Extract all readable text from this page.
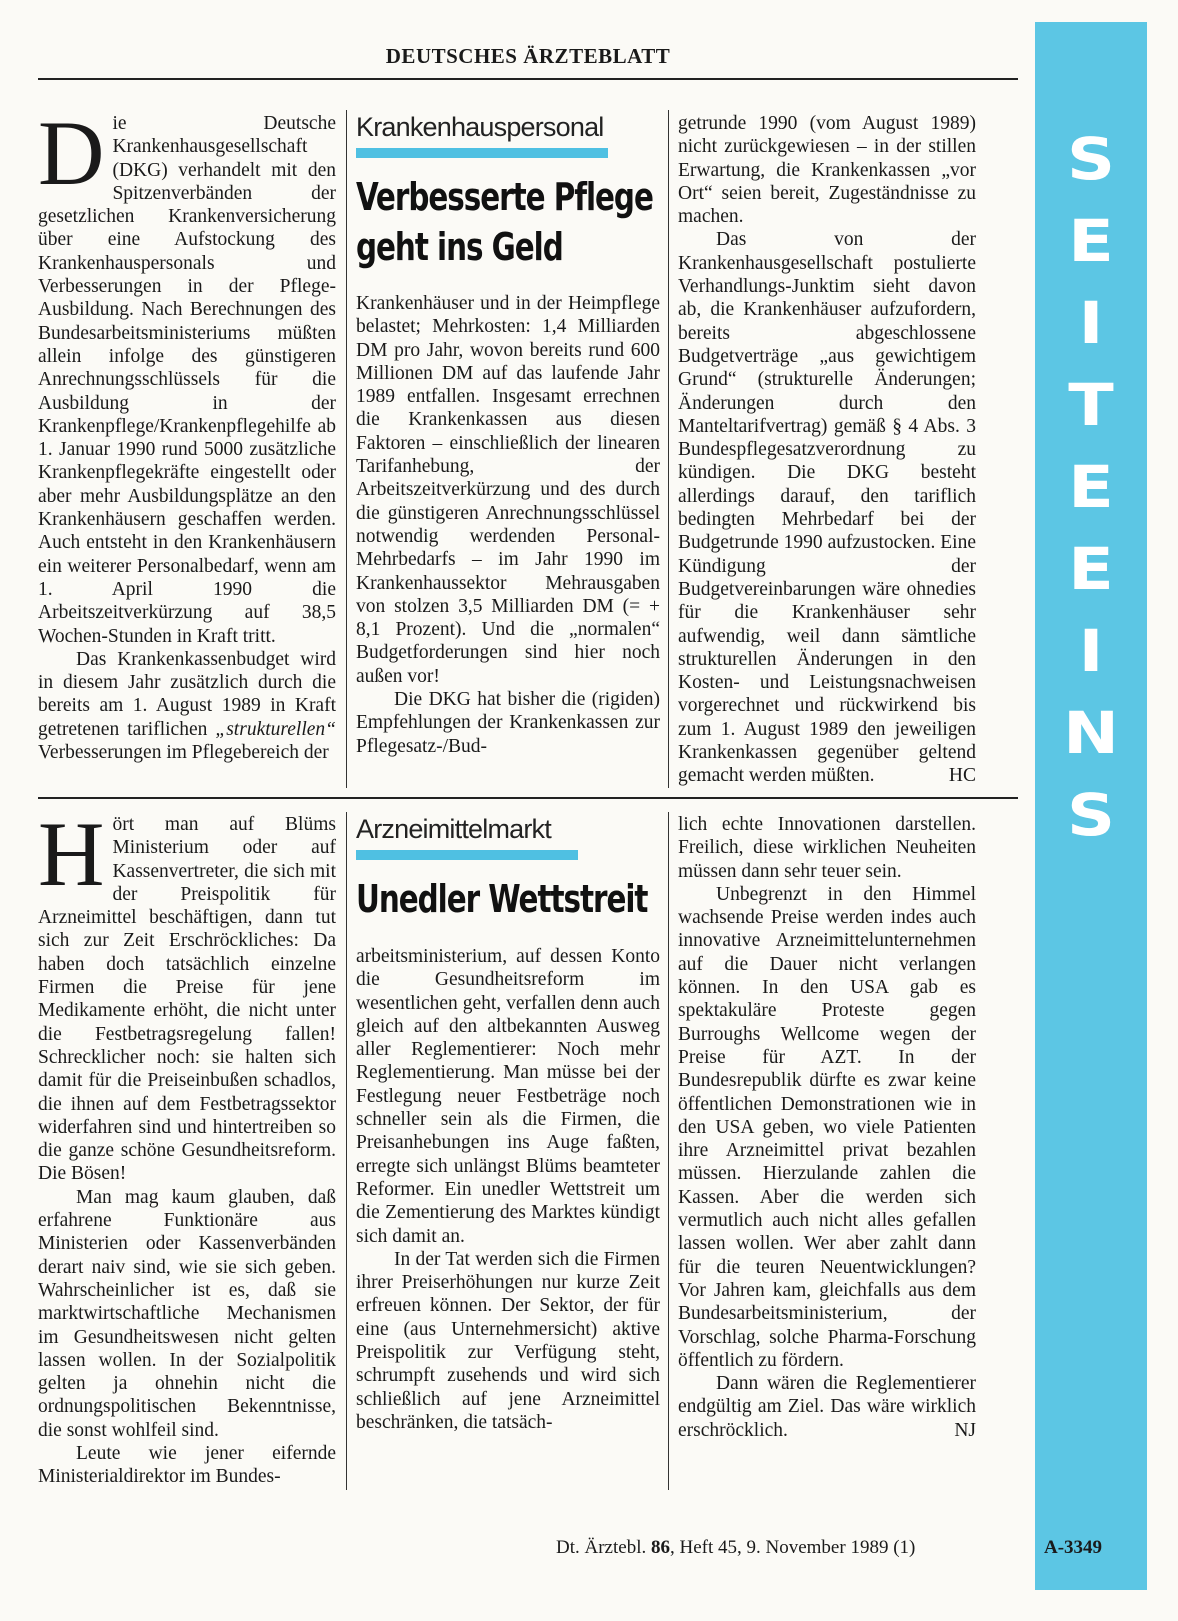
DEUTSCHES ÄRZTEBLATT
S
E
I
T
E
E
I
N
S

Die Deutsche Krankenhausgesellschaft (DKG) verhandelt mit den Spitzenverbänden der gesetzlichen Krankenversicherung über eine Aufstockung des Krankenhauspersonals und Verbesserungen in der Pflege-Ausbildung. Nach Berechnungen des Bundesarbeitsministeriums müßten allein infolge des günstigeren Anrechnungsschlüssels für die Ausbildung in der Krankenpflege/Krankenpflegehilfe ab 1. Januar 1990 rund 5000 zusätzliche Krankenpflegekräfte eingestellt oder aber mehr Ausbildungsplätze an den Krankenhäusern geschaffen werden. Auch entsteht in den Krankenhäusern ein weiterer Personalbedarf, wenn am 1. April 1990 die Arbeitszeitverkürzung auf 38,5 Wochen-Stunden in Kraft tritt.

Das Krankenkassenbudget wird in diesem Jahr zusätzlich durch die bereits am 1. August 1989 in Kraft getretenen tariflichen „strukturellen“ Verbesserungen im Pflegebereich der

Krankenhauspersonal
Verbesserte Pflege
geht ins Geld

Krankenhäuser und in der Heimpflege belastet; Mehrkosten: 1,4 Milliarden DM pro Jahr, wovon bereits rund 600 Millionen DM auf das laufende Jahr 1989 entfallen. Insgesamt errechnen die Krankenkassen aus diesen Faktoren – einschließlich der linearen Tarifanhebung, der Arbeitszeitverkürzung und des durch die günstigeren Anrechnungsschlüssel notwendig werdenden Personal-Mehrbedarfs – im Jahr 1990 im Krankenhaussektor Mehrausgaben von stolzen 3,5 Milliarden DM (= + 8,1 Prozent). Und die „normalen“ Budgetforderungen sind hier noch außen vor!

Die DKG hat bisher die (rigiden) Empfehlungen der Krankenkassen zur Pflegesatz-/Bud-

getrunde 1990 (vom August 1989) nicht zurückgewiesen – in der stillen Erwartung, die Krankenkassen „vor Ort“ seien bereit, Zugeständnisse zu machen.

Das von der Krankenhausgesellschaft postulierte Verhandlungs-Junktim sieht davon ab, die Krankenhäuser aufzufordern, bereits abgeschlossene Budgetverträge „aus gewichtigem Grund“ (strukturelle Änderungen; Änderungen durch den Manteltarifvertrag) gemäß § 4 Abs. 3 Bundespflegesatzverordnung zu kündigen. Die DKG besteht allerdings darauf, den tariflich bedingten Mehrbedarf bei der Budgetrunde 1990 aufzustocken. Eine Kündigung der Budgetvereinbarungen wäre ohnedies für die Krankenhäuser sehr aufwendig, weil dann sämtliche strukturellen Änderungen in den Kosten- und Leistungsnachweisen vorgerechnet und rückwirkend bis zum 1. August 1989 den jeweiligen Krankenkassen gegenüber geltend gemacht werden müßten.	HC

Hört man auf Blüms Ministerium oder auf Kassenvertreter, die sich mit der Preispolitik für Arzneimittel beschäftigen, dann tut sich zur Zeit Erschröckliches: Da haben doch tatsächlich einzelne Firmen die Preise für jene Medikamente erhöht, die nicht unter die Festbetragsregelung fallen! Schrecklicher noch: sie halten sich damit für die Preiseinbußen schadlos, die ihnen auf dem Festbetragssektor widerfahren sind und hintertreiben so die ganze schöne Gesundheitsreform. Die Bösen!

Man mag kaum glauben, daß erfahrene Funktionäre aus Ministerien oder Kassenverbänden derart naiv sind, wie sie sich geben. Wahrscheinlicher ist es, daß sie marktwirtschaftliche Mechanismen im Gesundheitswesen nicht gelten lassen wollen. In der Sozialpolitik gelten ja ohnehin nicht die ordnungspolitischen Bekenntnisse, die sonst wohlfeil sind.

Leute wie jener eifernde Ministerialdirektor im Bundes-

Arzneimittelmarkt
Unedler Wettstreit

arbeitsministerium, auf dessen Konto die Gesundheitsreform im wesentlichen geht, verfallen denn auch gleich auf den altbekannten Ausweg aller Reglementierer: Noch mehr Reglementierung. Man müsse bei der Festlegung neuer Festbeträge noch schneller sein als die Firmen, die Preisanhebungen ins Auge faßten, erregte sich unlängst Blüms beamteter Reformer. Ein unedler Wettstreit um die Zementierung des Marktes kündigt sich damit an.

In der Tat werden sich die Firmen ihrer Preiserhöhungen nur kurze Zeit erfreuen können. Der Sektor, der für eine (aus Unternehmersicht) aktive Preispolitik zur Verfügung steht, schrumpft zusehends und wird sich schließlich auf jene Arzneimittel beschränken, die tatsäch-

lich echte Innovationen darstellen. Freilich, diese wirklichen Neuheiten müssen dann sehr teuer sein.

Unbegrenzt in den Himmel wachsende Preise werden indes auch innovative Arzneimittelunternehmen auf die Dauer nicht verlangen können. In den USA gab es spektakuläre Proteste gegen Burroughs Wellcome wegen der Preise für AZT. In der Bundesrepublik dürfte es zwar keine öffentlichen Demonstrationen wie in den USA geben, wo viele Patienten ihre Arzneimittel privat bezahlen müssen. Hierzulande zahlen die Kassen. Aber die werden sich vermutlich auch nicht alles gefallen lassen wollen. Wer aber zahlt dann für die teuren Neuentwicklungen? Vor Jahren kam, gleichfalls aus dem Bundesarbeitsministerium, der Vorschlag, solche Pharma-Forschung öffentlich zu fördern.

Dann wären die Reglementierer endgültig am Ziel. Das wäre wirklich erschröcklich.	NJ

Dt. Ärztebl. 86, Heft 45, 9. November 1989 (1)	A-3349
